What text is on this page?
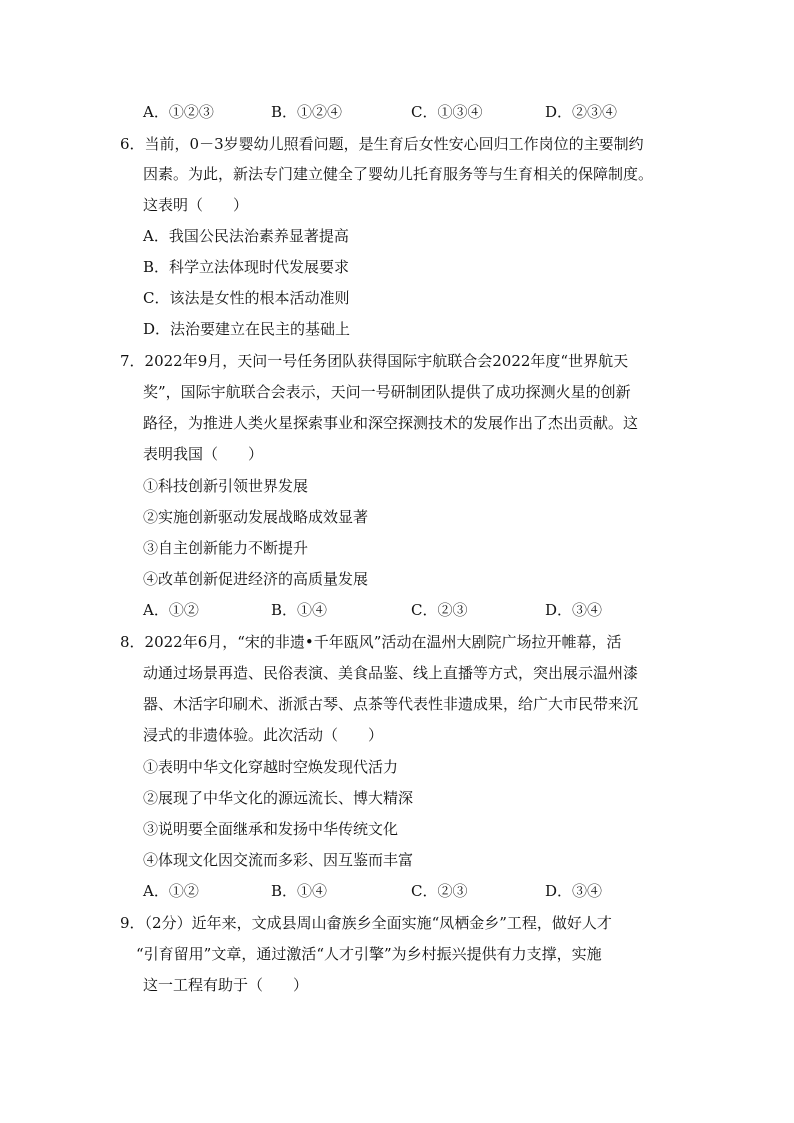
A．①②③	B．①②④	C．①③④	D．②③④
6．当前，0－3岁婴幼儿照看问题，是生育后女性安心回归工作岗位的主要制约
因素。为此，新法专门建立健全了婴幼儿托育服务等与生育相关的保障制度。
这表明（　　）
A．我国公民法治素养显著提高
B．科学立法体现时代发展要求
C．该法是女性的根本活动准则
D．法治要建立在民主的基础上
7．2022年9月，天问一号任务团队获得国际宇航联合会2022年度“世界航天
奖”，国际宇航联合会表示，天问一号研制团队提供了成功探测火星的创新
路径，为推进人类火星探索事业和深空探测技术的发展作出了杰出贡献。这
表明我国（　　）
①科技创新引领世界发展
②实施创新驱动发展战略成效显著
③自主创新能力不断提升
④改革创新促进经济的高质量发展
A．①②	B．①④	C．②③	D．③④
8．2022年6月，“宋的非遗•千年瓯风”活动在温州大剧院广场拉开帷幕，活
动通过场景再造、民俗表演、美食品鉴、线上直播等方式，突出展示温州漆
器、木活字印刷术、浙派古琴、点茶等代表性非遗成果，给广大市民带来沉
浸式的非遗体验。此次活动（　　）
①表明中华文化穿越时空焕发现代活力
②展现了中华文化的源远流长、博大精深
③说明要全面继承和发扬中华传统文化
④体现文化因交流而多彩、因互鉴而丰富
A．①②	B．①④	C．②③	D．③④
9．（2分）近年来，文成县周山畲族乡全面实施“凤栖金乡”工程，做好人才
“引育留用”文章，通过激活“人才引擎”为乡村振兴提供有力支撑，实施
这一工程有助于（　　）
